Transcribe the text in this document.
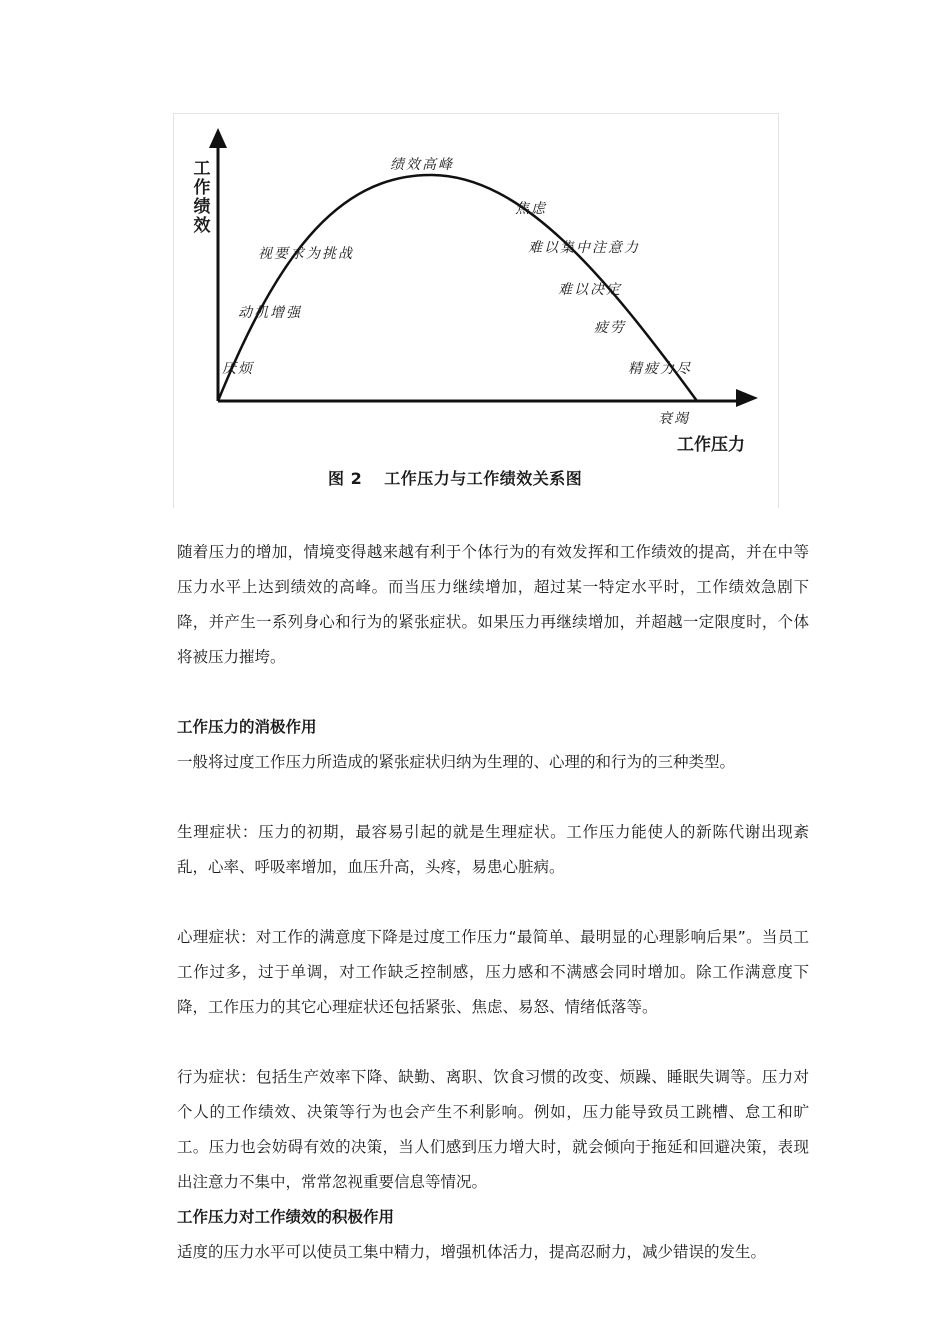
工
作
绩
效
厌烦
动机增强
视要求为挑战
绩效高峰
焦虑
难以集中注意力
难以决定
疲劳
精疲力尽
衰竭
工作压力
图 2 工作压力与工作绩效关系图

随着压力的增加，情境变得越来越有利于个体行为的有效发挥和工作绩效的提高，并在中等压力水平上达到绩效的高峰。而当压力继续增加，超过某一特定水平时，工作绩效急剧下降，并产生一系列身心和行为的紧张症状。如果压力再继续增加，并超越一定限度时，个体将被压力摧垮。

工作压力的消极作用

一般将过度工作压力所造成的紧张症状归纳为生理的、心理的和行为的三种类型。

生理症状：压力的初期，最容易引起的就是生理症状。工作压力能使人的新陈代谢出现紊乱，心率、呼吸率增加，血压升高，头疼，易患心脏病。

心理症状：对工作的满意度下降是过度工作压力“最简单、最明显的心理影响后果”。当员工工作过多，过于单调，对工作缺乏控制感，压力感和不满感会同时增加。除工作满意度下降，工作压力的其它心理症状还包括紧张、焦虑、易怒、情绪低落等。

行为症状：包括生产效率下降、缺勤、离职、饮食习惯的改变、烦躁、睡眠失调等。压力对个人的工作绩效、决策等行为也会产生不利影响。例如，压力能导致员工跳槽、怠工和旷工。压力也会妨碍有效的决策，当人们感到压力增大时，就会倾向于拖延和回避决策，表现出注意力不集中，常常忽视重要信息等情况。

工作压力对工作绩效的积极作用

适度的压力水平可以使员工集中精力，增强机体活力，提高忍耐力，减少错误的发生。
